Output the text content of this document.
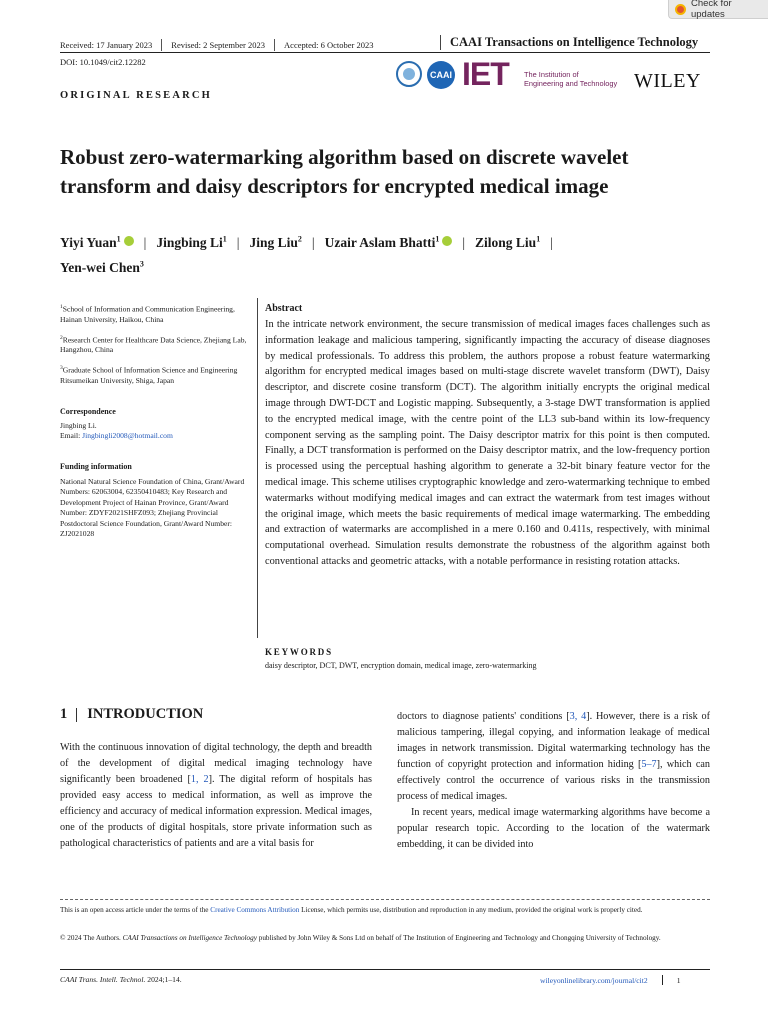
Check for updates
Received: 17 January 2023 Revised: 2 September 2023 Accepted: 6 October 2023	CAAI Transactions on Intelligence Technology
DOI: 10.1049/cit2.12282
ORIGINAL RESEARCH
CAAI IET The Institution of
Engineering and Technology WILEY
Robust zero-watermarking algorithm based on discrete wavelet transform and daisy descriptors for encrypted medical image
Yiyi Yuan$^1$ | Jingbing Li$^1$ | Jing Liu$^2$ | Uzair Aslam Bhatti$^1$ | Zilong Liu$^1$ |
Yen-wei Chen$^3$

$^1$School of Information and Communication Engineering, Hainan University, Haikou, China

$^2$Research Center for Healthcare Data Science, Zhejiang Lab, Hangzhou, China

$^3$Graduate School of Information Science and Engineering Ritsumeikan University, Shiga, Japan

Correspondence
Jingbing Li.
Email: Jingbingli2008@hotmail.com
Funding information
National Natural Science Foundation of China, Grant/Award Numbers: 62063004, 62350410483; Key Research and Development Project of Hainan Province, Grant/Award Number: ZDYF2021SHFZ093; Zhejiang Provincial Postdoctoral Science Foundation, Grant/Award Number: ZJ2021028
Abstract
In the intricate network environment, the secure transmission of medical images faces challenges such as information leakage and malicious tampering, significantly impacting the accuracy of disease diagnoses by medical professionals. To address this problem, the authors propose a robust feature watermarking algorithm for encrypted medical images based on multi-stage discrete wavelet transform (DWT), Daisy descriptor, and discrete cosine transform (DCT). The algorithm initially encrypts the original medical image through DWT-DCT and Logistic mapping. Subsequently, a 3-stage DWT transformation is applied to the encrypted medical image, with the centre point of the LL3 sub-band within its low-frequency component serving as the sampling point. The Daisy descriptor matrix for this point is then computed. Finally, a DCT transformation is performed on the Daisy descriptor matrix, and the low-frequency portion is processed using the perceptual hashing algorithm to generate a 32-bit binary feature vector for the medical image. This scheme utilises cryptographic knowledge and zero-watermarking technique to embed watermarks without modifying medical images and can extract the watermark from test images without the original image, which meets the basic requirements of medical image watermarking. The embedding and extraction of watermarks are accomplished in a mere 0.160 and 0.411s, respectively, with minimal computational overhead. Simulation results demonstrate the robustness of the algorithm against both conventional attacks and geometric attacks, with a notable performance in resisting rotation attacks.
KEYWORDS
daisy descriptor, DCT, DWT, encryption domain, medical image, zero-watermarking
1 INTRODUCTION
With the continuous innovation of digital technology, the depth and breadth of the development of digital medical imaging technology have significantly been broadened [1, 2]. The digital reform of hospitals has provided easy access to medical information, as well as improve the efficiency and accuracy of medical information expression. Medical images, one of the products of digital hospitals, store private information such as pathological characteristics of patients and are a vital basis for

doctors to diagnose patients' conditions [3, 4]. However, there is a risk of malicious tampering, illegal copying, and information leakage of medical images in network transmission. Digital watermarking technology has the function of copyright protection and information hiding [5–7], which can effectively control the occurrence of various risks in the transmission process of medical images.

In recent years, medical image watermarking algorithms have become a popular research topic. According to the location of the watermark embedding, it can be divided into

This is an open access article under the terms of the Creative Commons Attribution License, which permits use, distribution and reproduction in any medium, provided the original work is properly cited.
© 2024 The Authors. CAAI Transactions on Intelligence Technology published by John Wiley & Sons Ltd on behalf of The Institution of Engineering and Technology and Chongqing University of Technology.
CAAI Trans. Intell. Technol. 2024;1–14.	wileyonlinelibrary.com/journal/cit2	1
